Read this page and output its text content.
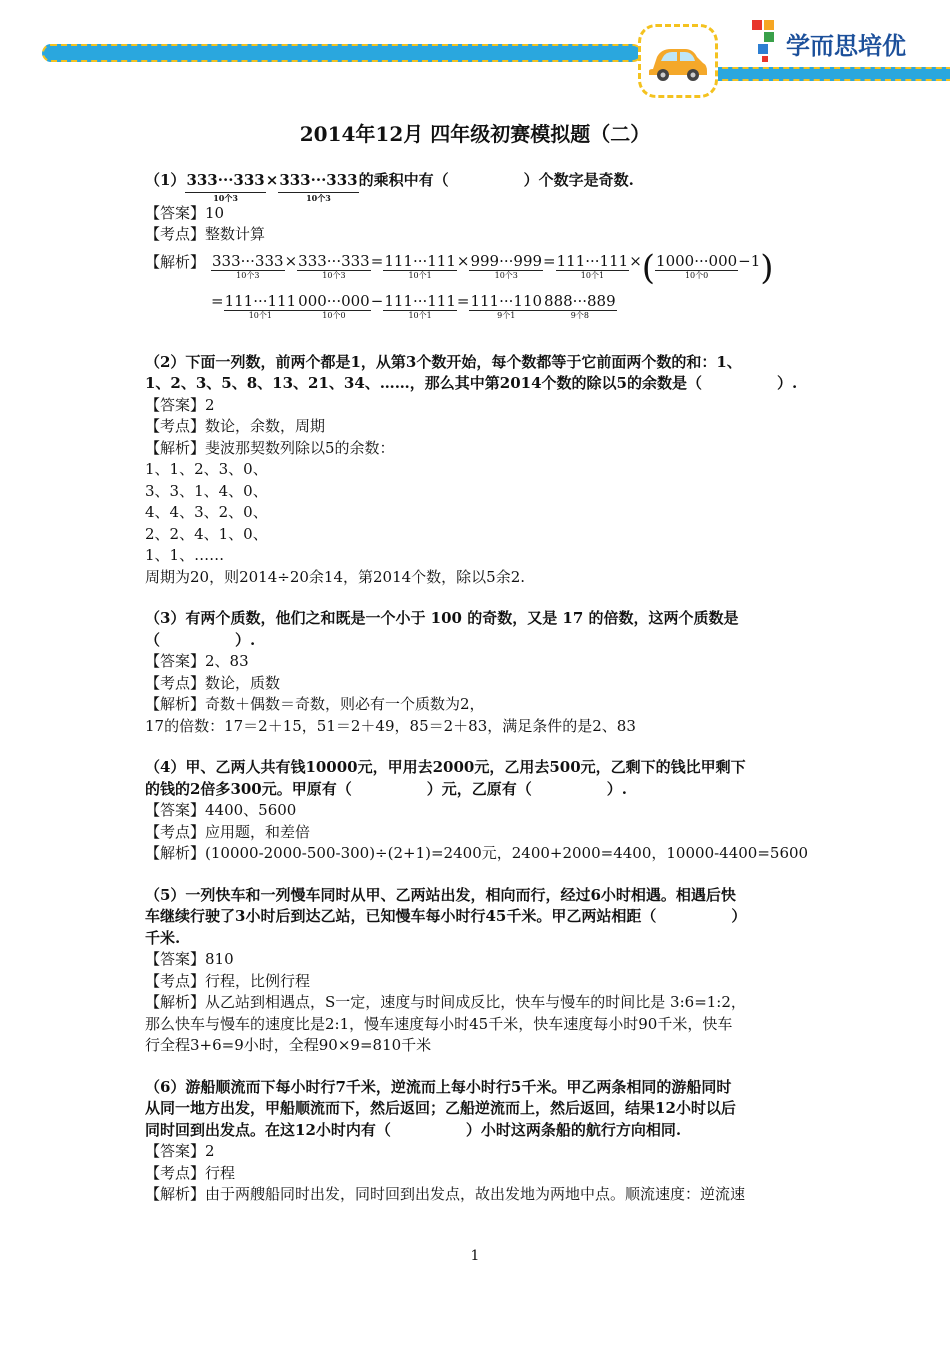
学而思培优
2014年12月 四年级初赛模拟题（二）
（1）333···333
10个3
×333···333
10个3
的乘积中有（　　　　　）个数字是奇数.
【答案】10
【考点】整数计算
【解析】 333···333
10个3
×333···333
10个3
=111···111
10个1
×999···999
10个3
=111···111
10个1
×(1000···000
10个0
−1)
=111···111
10个1
000···000
10个0
−111···111
10个1
=111···110
9个1
888···889
9个8
（2）下面一列数，前两个都是1，从第3个数开始，每个数都等于它前面两个数的和：1、
1、2、3、5、8、13、21、34、……，那么其中第2014个数的除以5的余数是（　　　　　）.
【答案】2
【考点】数论，余数，周期
【解析】斐波那契数列除以5的余数：
1、1、2、3、0、
3、3、1、4、0、
4、4、3、2、0、
2、2、4、1、0、
1、1、……
周期为20，则2014÷20余14，第2014个数，除以5余2.
（3）有两个质数，他们之和既是一个小于 100 的奇数，又是 17 的倍数，这两个质数是
（　　　　　）.
【答案】2、83
【考点】数论，质数
【解析】奇数＋偶数＝奇数，则必有一个质数为2，
17的倍数：17＝2＋15，51＝2＋49，85＝2＋83，满足条件的是2、83
（4）甲、乙两人共有钱10000元，甲用去2000元，乙用去500元，乙剩下的钱比甲剩下
的钱的2倍多300元。甲原有（　　　　　）元，乙原有（　　　　　）.
【答案】4400、5600
【考点】应用题，和差倍
【解析】(10000-2000-500-300)÷(2+1)=2400元，2400+2000=4400，10000-4400=5600
（5）一列快车和一列慢车同时从甲、乙两站出发，相向而行，经过6小时相遇。相遇后快
车继续行驶了3小时后到达乙站，已知慢车每小时行45千米。甲乙两站相距（　　　　　）
千米.
【答案】810
【考点】行程，比例行程
【解析】从乙站到相遇点，S一定，速度与时间成反比，快车与慢车的时间比是 3:6=1:2，
那么快车与慢车的速度比是2:1，慢车速度每小时45千米，快车速度每小时90千米，快车
行全程3+6=9小时，全程90×9=810千米
（6）游船顺流而下每小时行7千米，逆流而上每小时行5千米。甲乙两条相同的游船同时
从同一地方出发，甲船顺流而下，然后返回；乙船逆流而上，然后返回，结果12小时以后
同时回到出发点。在这12小时内有（　　　　　）小时这两条船的航行方向相同.
【答案】2
【考点】行程
【解析】由于两艘船同时出发，同时回到出发点，故出发地为两地中点。顺流速度：逆流速
1
